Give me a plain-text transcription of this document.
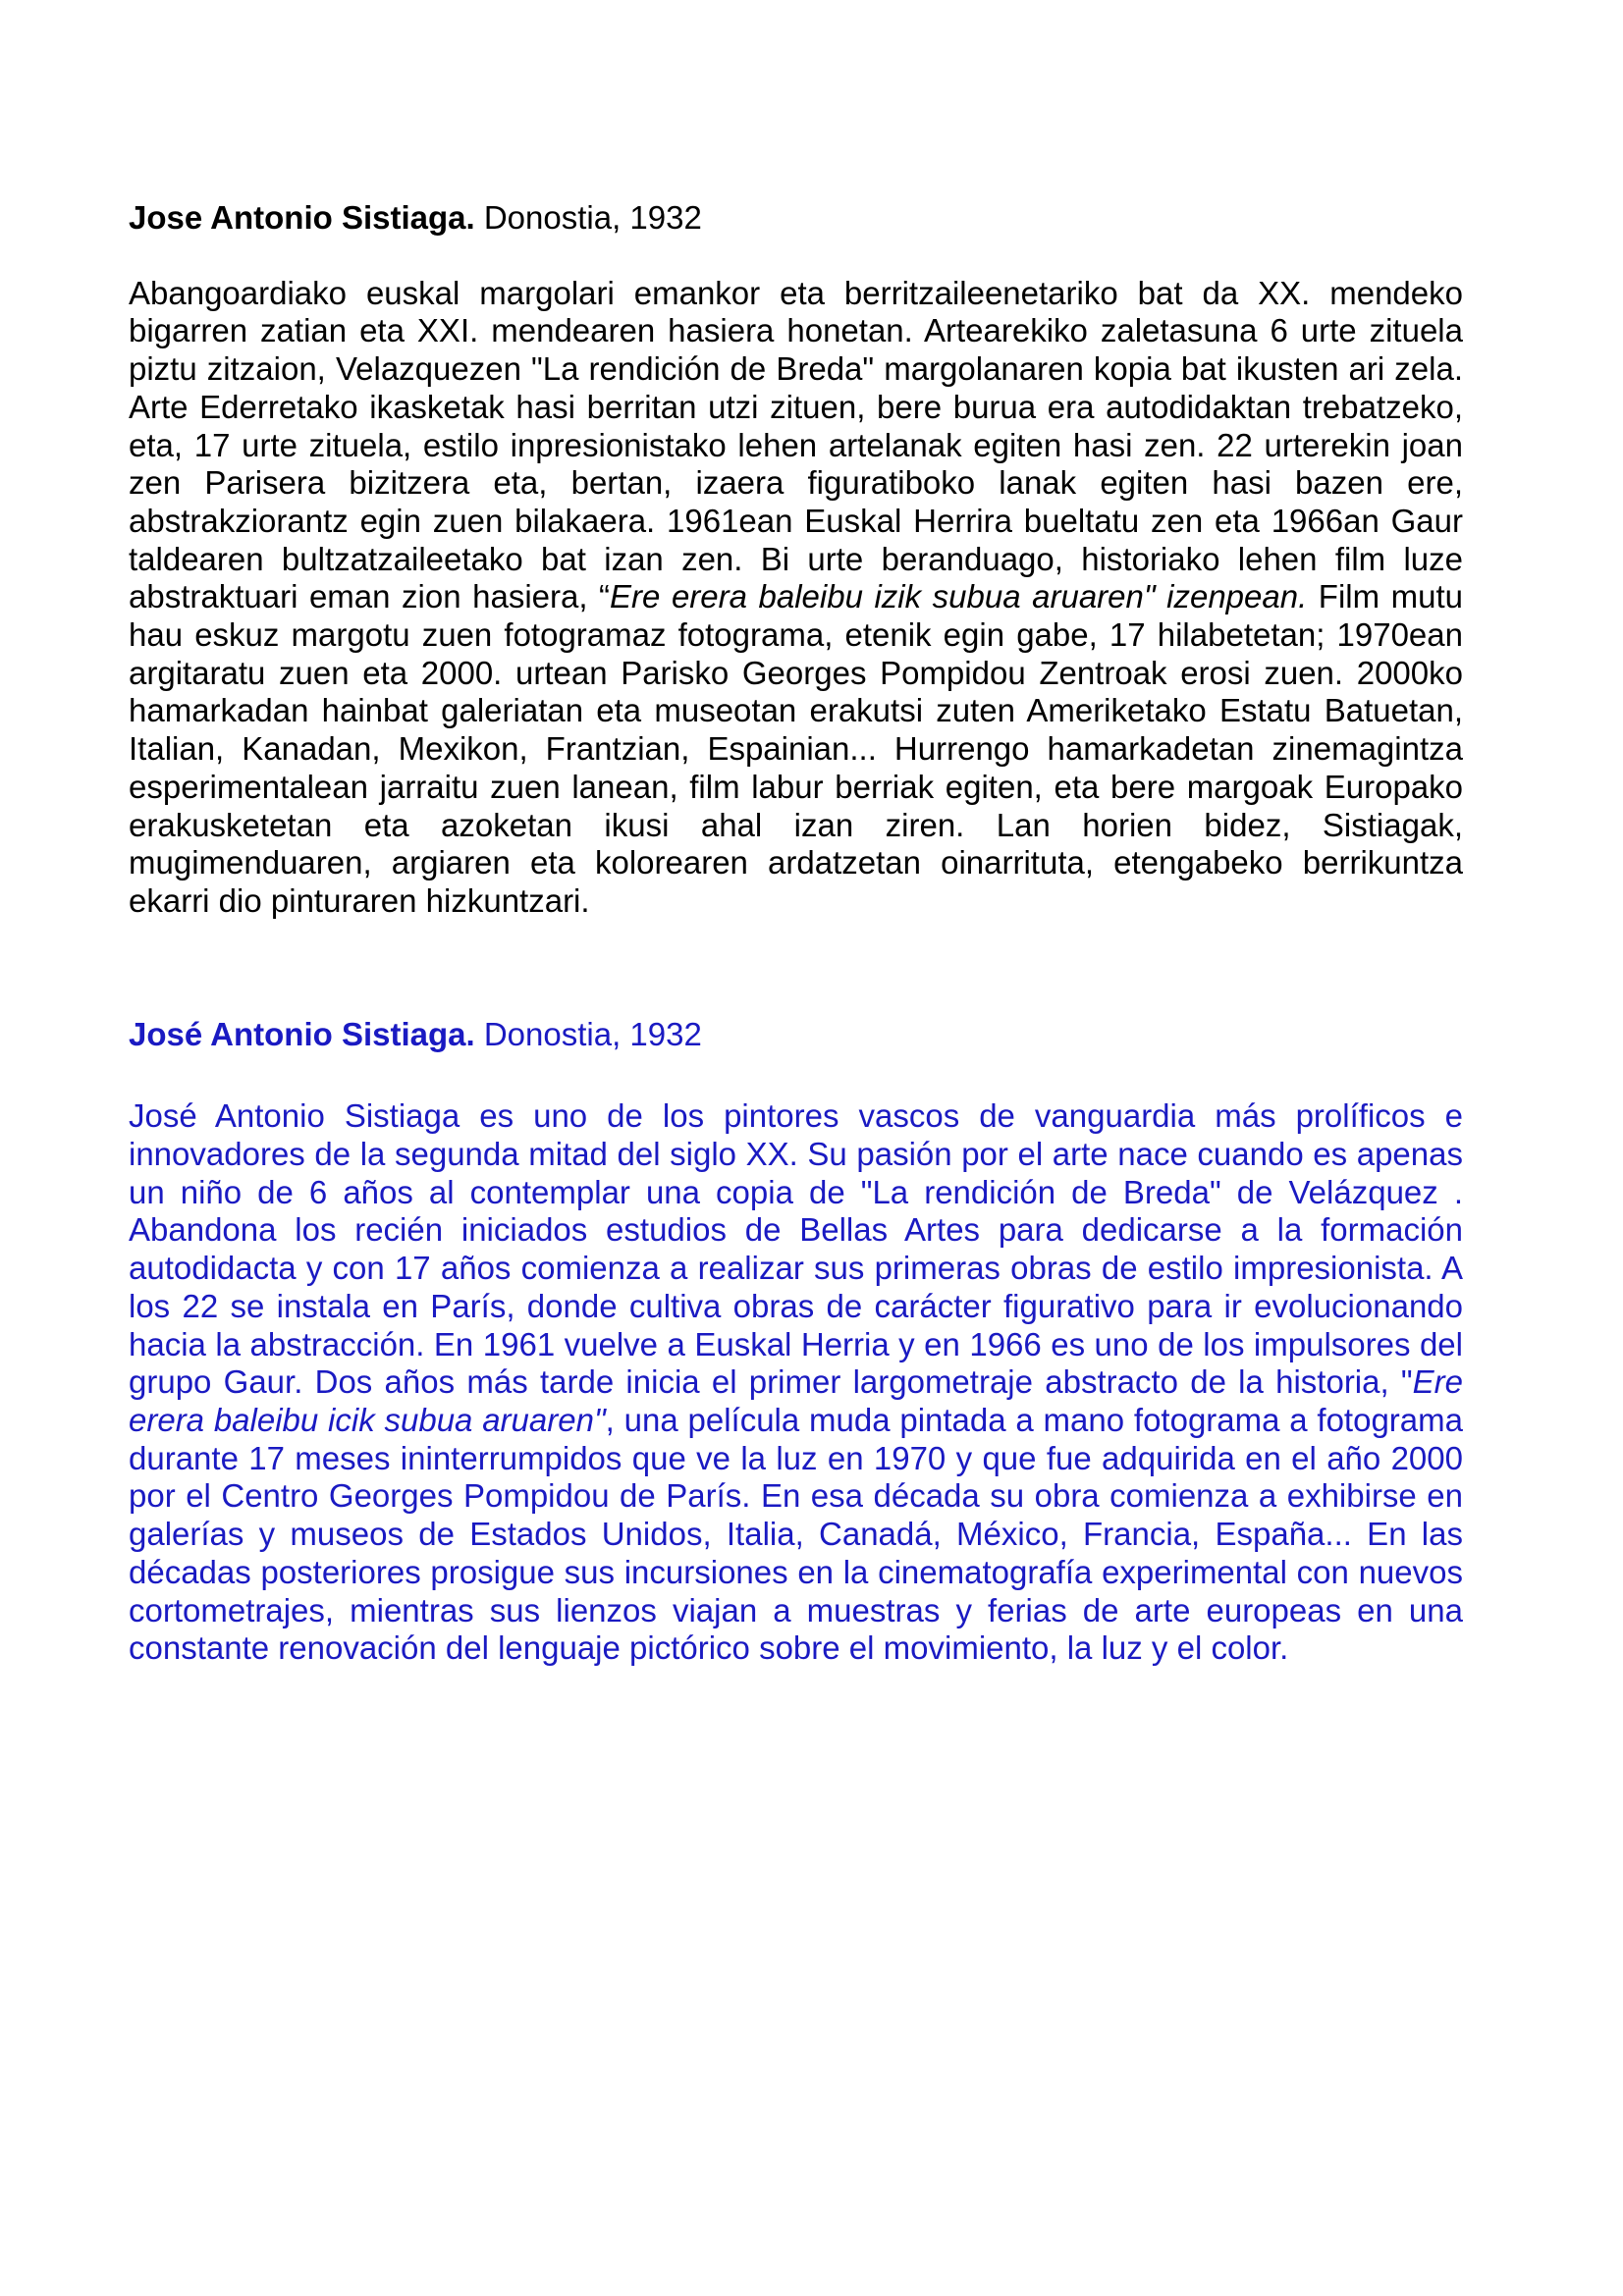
Jose Antonio Sistiaga. Donostia, 1932

Abangoardiako euskal margolari emankor eta berritzaileenetariko bat da XX. mendeko bigarren zatian eta XXI. mendearen hasiera honetan. Artearekiko zaletasuna 6 urte zituela piztu zitzaion, Velazquezen "La rendición de Breda" margolanaren kopia bat ikusten ari zela. Arte Ederretako ikasketak hasi berritan utzi zituen, bere burua era autodidaktan trebatzeko, eta, 17 urte zituela, estilo inpresionistako lehen artelanak egiten hasi zen. 22 urterekin joan zen Parisera bizitzera eta, bertan, izaera figuratiboko lanak egiten hasi bazen ere, abstrakziorantz egin zuen bilakaera. 1961ean Euskal Herrira bueltatu zen eta 1966an Gaur taldearen bultzatzaileetako bat izan zen. Bi urte beranduago, historiako lehen film luze abstraktuari eman zion hasiera, “Ere erera baleibu izik subua aruaren" izenpean. Film mutu hau eskuz margotu zuen fotogramaz fotograma, etenik egin gabe, 17 hilabetetan; 1970ean argitaratu zuen eta 2000. urtean Parisko Georges Pompidou Zentroak erosi zuen. 2000ko hamarkadan hainbat galeriatan eta museotan erakutsi zuten Ameriketako Estatu Batuetan, Italian, Kanadan, Mexikon, Frantzian, Espainian... Hurrengo hamarkadetan zinemagintza esperimentalean jarraitu zuen lanean, film labur berriak egiten, eta bere margoak Europako erakusketetan eta azoketan ikusi ahal izan ziren. Lan horien bidez, Sistiagak, mugimenduaren, argiaren eta kolorearen ardatzetan oinarrituta, etengabeko berrikuntza ekarri dio pinturaren hizkuntzari.

José Antonio Sistiaga. Donostia, 1932

José Antonio Sistiaga es uno de los pintores vascos de vanguardia más prolíficos e innovadores de la segunda mitad del siglo XX. Su pasión por el arte nace cuando es apenas un niño de 6 años al contemplar una copia de "La rendición de Breda" de Velázquez . Abandona los recién iniciados estudios de Bellas Artes para dedicarse a la formación autodidacta y con 17 años comienza a realizar sus primeras obras de estilo impresionista. A los 22 se instala en París, donde cultiva obras de carácter figurativo para ir evolucionando hacia la abstracción. En 1961 vuelve a Euskal Herria y en 1966 es uno de los impulsores del grupo Gaur. Dos años más tarde inicia el primer largometraje abstracto de la historia, "Ere erera baleibu icik subua aruaren", una película muda pintada a mano fotograma a fotograma durante 17 meses ininterrumpidos que ve la luz en 1970 y que fue adquirida en el año 2000 por el Centro Georges Pompidou de París. En esa década su obra comienza a exhibirse en galerías y museos de Estados Unidos, Italia, Canadá, México, Francia, España... En las décadas posteriores prosigue sus incursiones en la cinematografía experimental con nuevos cortometrajes, mientras sus lienzos viajan a muestras y ferias de arte europeas en una constante renovación del lenguaje pictórico sobre el movimiento, la luz y el color.
